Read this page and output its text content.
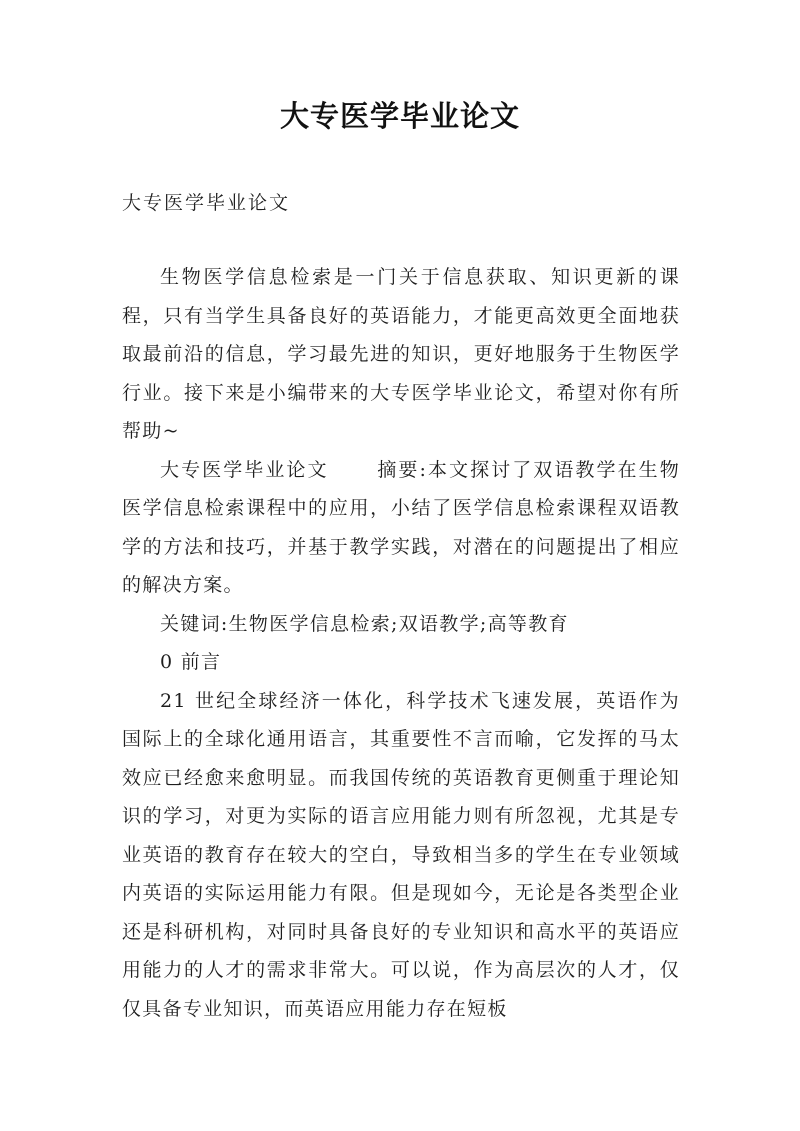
大专医学毕业论文
大专医学毕业论文

生物医学信息检索是一门关于信息获取、知识更新的课程，只有当学生具备良好的英语能力，才能更高效更全面地获取最前沿的信息，学习最先进的知识，更好地服务于生物医学行业。接下来是小编带来的大专医学毕业论文，希望对你有所帮助~

大专医学毕业论文	摘要:本文探讨了双语教学在生物医学信息检索课程中的应用，小结了医学信息检索课程双语教学的方法和技巧，并基于教学实践，对潜在的问题提出了相应的解决方案。

关键词:生物医学信息检索;双语教学;高等教育

0 前言

21 世纪全球经济一体化，科学技术飞速发展，英语作为国际上的全球化通用语言，其重要性不言而喻，它发挥的马太效应已经愈来愈明显。而我国传统的英语教育更侧重于理论知识的学习，对更为实际的语言应用能力则有所忽视，尤其是专业英语的教育存在较大的空白，导致相当多的学生在专业领域内英语的实际运用能力有限。但是现如今，无论是各类型企业还是科研机构，对同时具备良好的专业知识和高水平的英语应用能力的人才的需求非常大。可以说，作为高层次的人才，仅仅具备专业知识，而英语应用能力存在短板
